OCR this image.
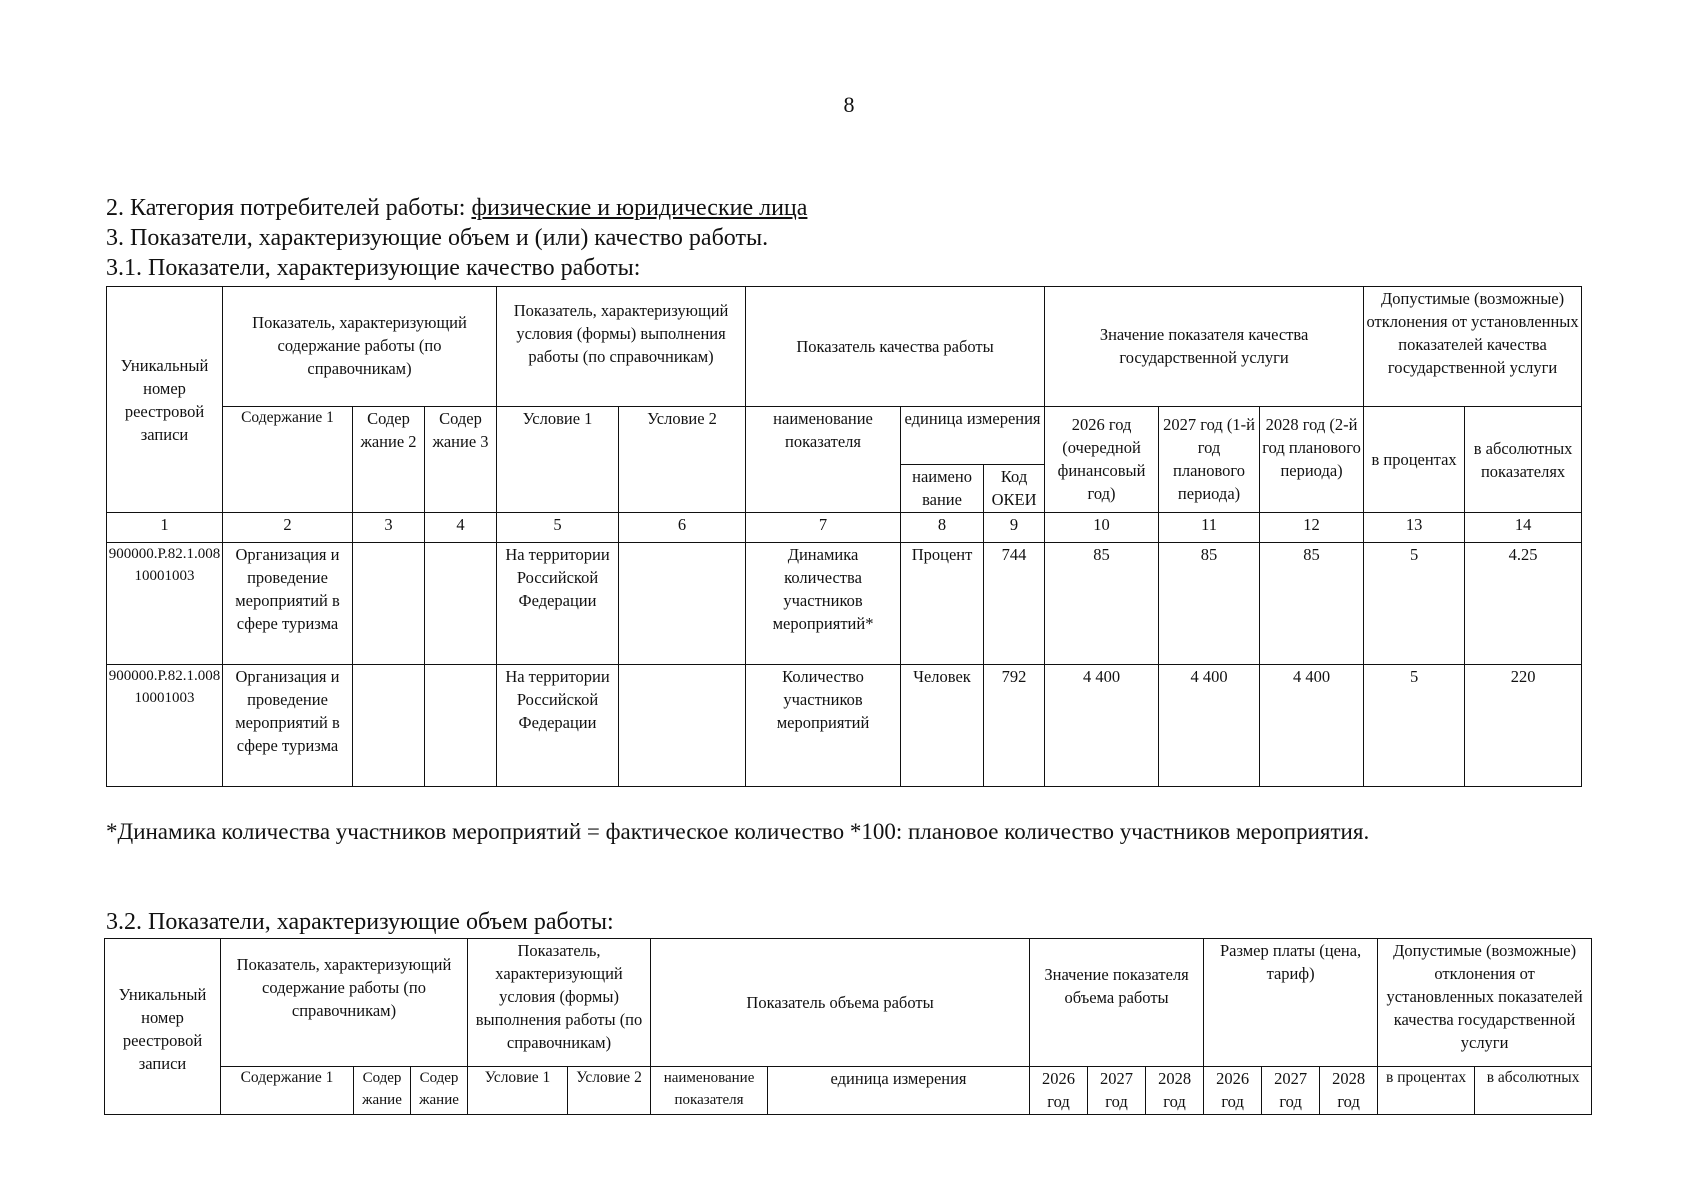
8
2. Категория потребителей работы: физические и юридические лица
3. Показатели, характеризующие объем и (или) качество работы.
3.1. Показатели, характеризующие качество работы:
Уникальный номер реестровой записи	Показатель, характеризующий содержание работы (по справочникам)			Показатель, характеризующий условия (формы) выполнения работы (по справочникам)		Показатель качества работы			Значение показателя качества государственной услуги			Допустимые (возможные) отклонения от установленных показателей качества государственной услуги	
	Содержание 1	Содер жание 2	Содер жание 3	Условие 1	Условие 2	наименование показателя	единица измерения		2026 год (очередной финансовый год)	2027 год (1-й год планового периода)	2028 год (2-й год планового периода)	в процентах	в абсолютных показателях
							наимено вание	Код ОКЕИ					
1	2	3	4	5	6	7	8	9	10	11	12	13	14
900000.Р.82.1.00810001003	Организация и проведение мероприятий в сфере туризма			На территории Российской Федерации		Динамика количества участников мероприятий*	Процент	744	85	85	85	5	4.25
900000.Р.82.1.00810001003	Организация и проведение мероприятий в сфере туризма			На территории Российской Федерации		Количество участников мероприятий	Человек	792	4 400	4 400	4 400	5	220
*Динамика количества участников мероприятий = фактическое количество *100: плановое количество участников мероприятия.
3.2. Показатели, характеризующие объем работы:
Уникальный номер реестровой записи	Показатель, характеризующий содержание работы (по справочникам)			Показатель, характеризующий условия (формы) выполнения работы (по справочникам)		Показатель объема работы		Значение показателя объема работы			Размер платы (цена, тариф)			Допустимые (возможные) отклонения от установленных показателей качества государственной услуги	
	Содержание 1	Содер жание	Содер жание	Условие 1	Условие 2	наименование показателя	единица измерения	2026 год	2027 год	2028 год	2026 год	2027 год	2028 год	в процентах	в абсолютных
